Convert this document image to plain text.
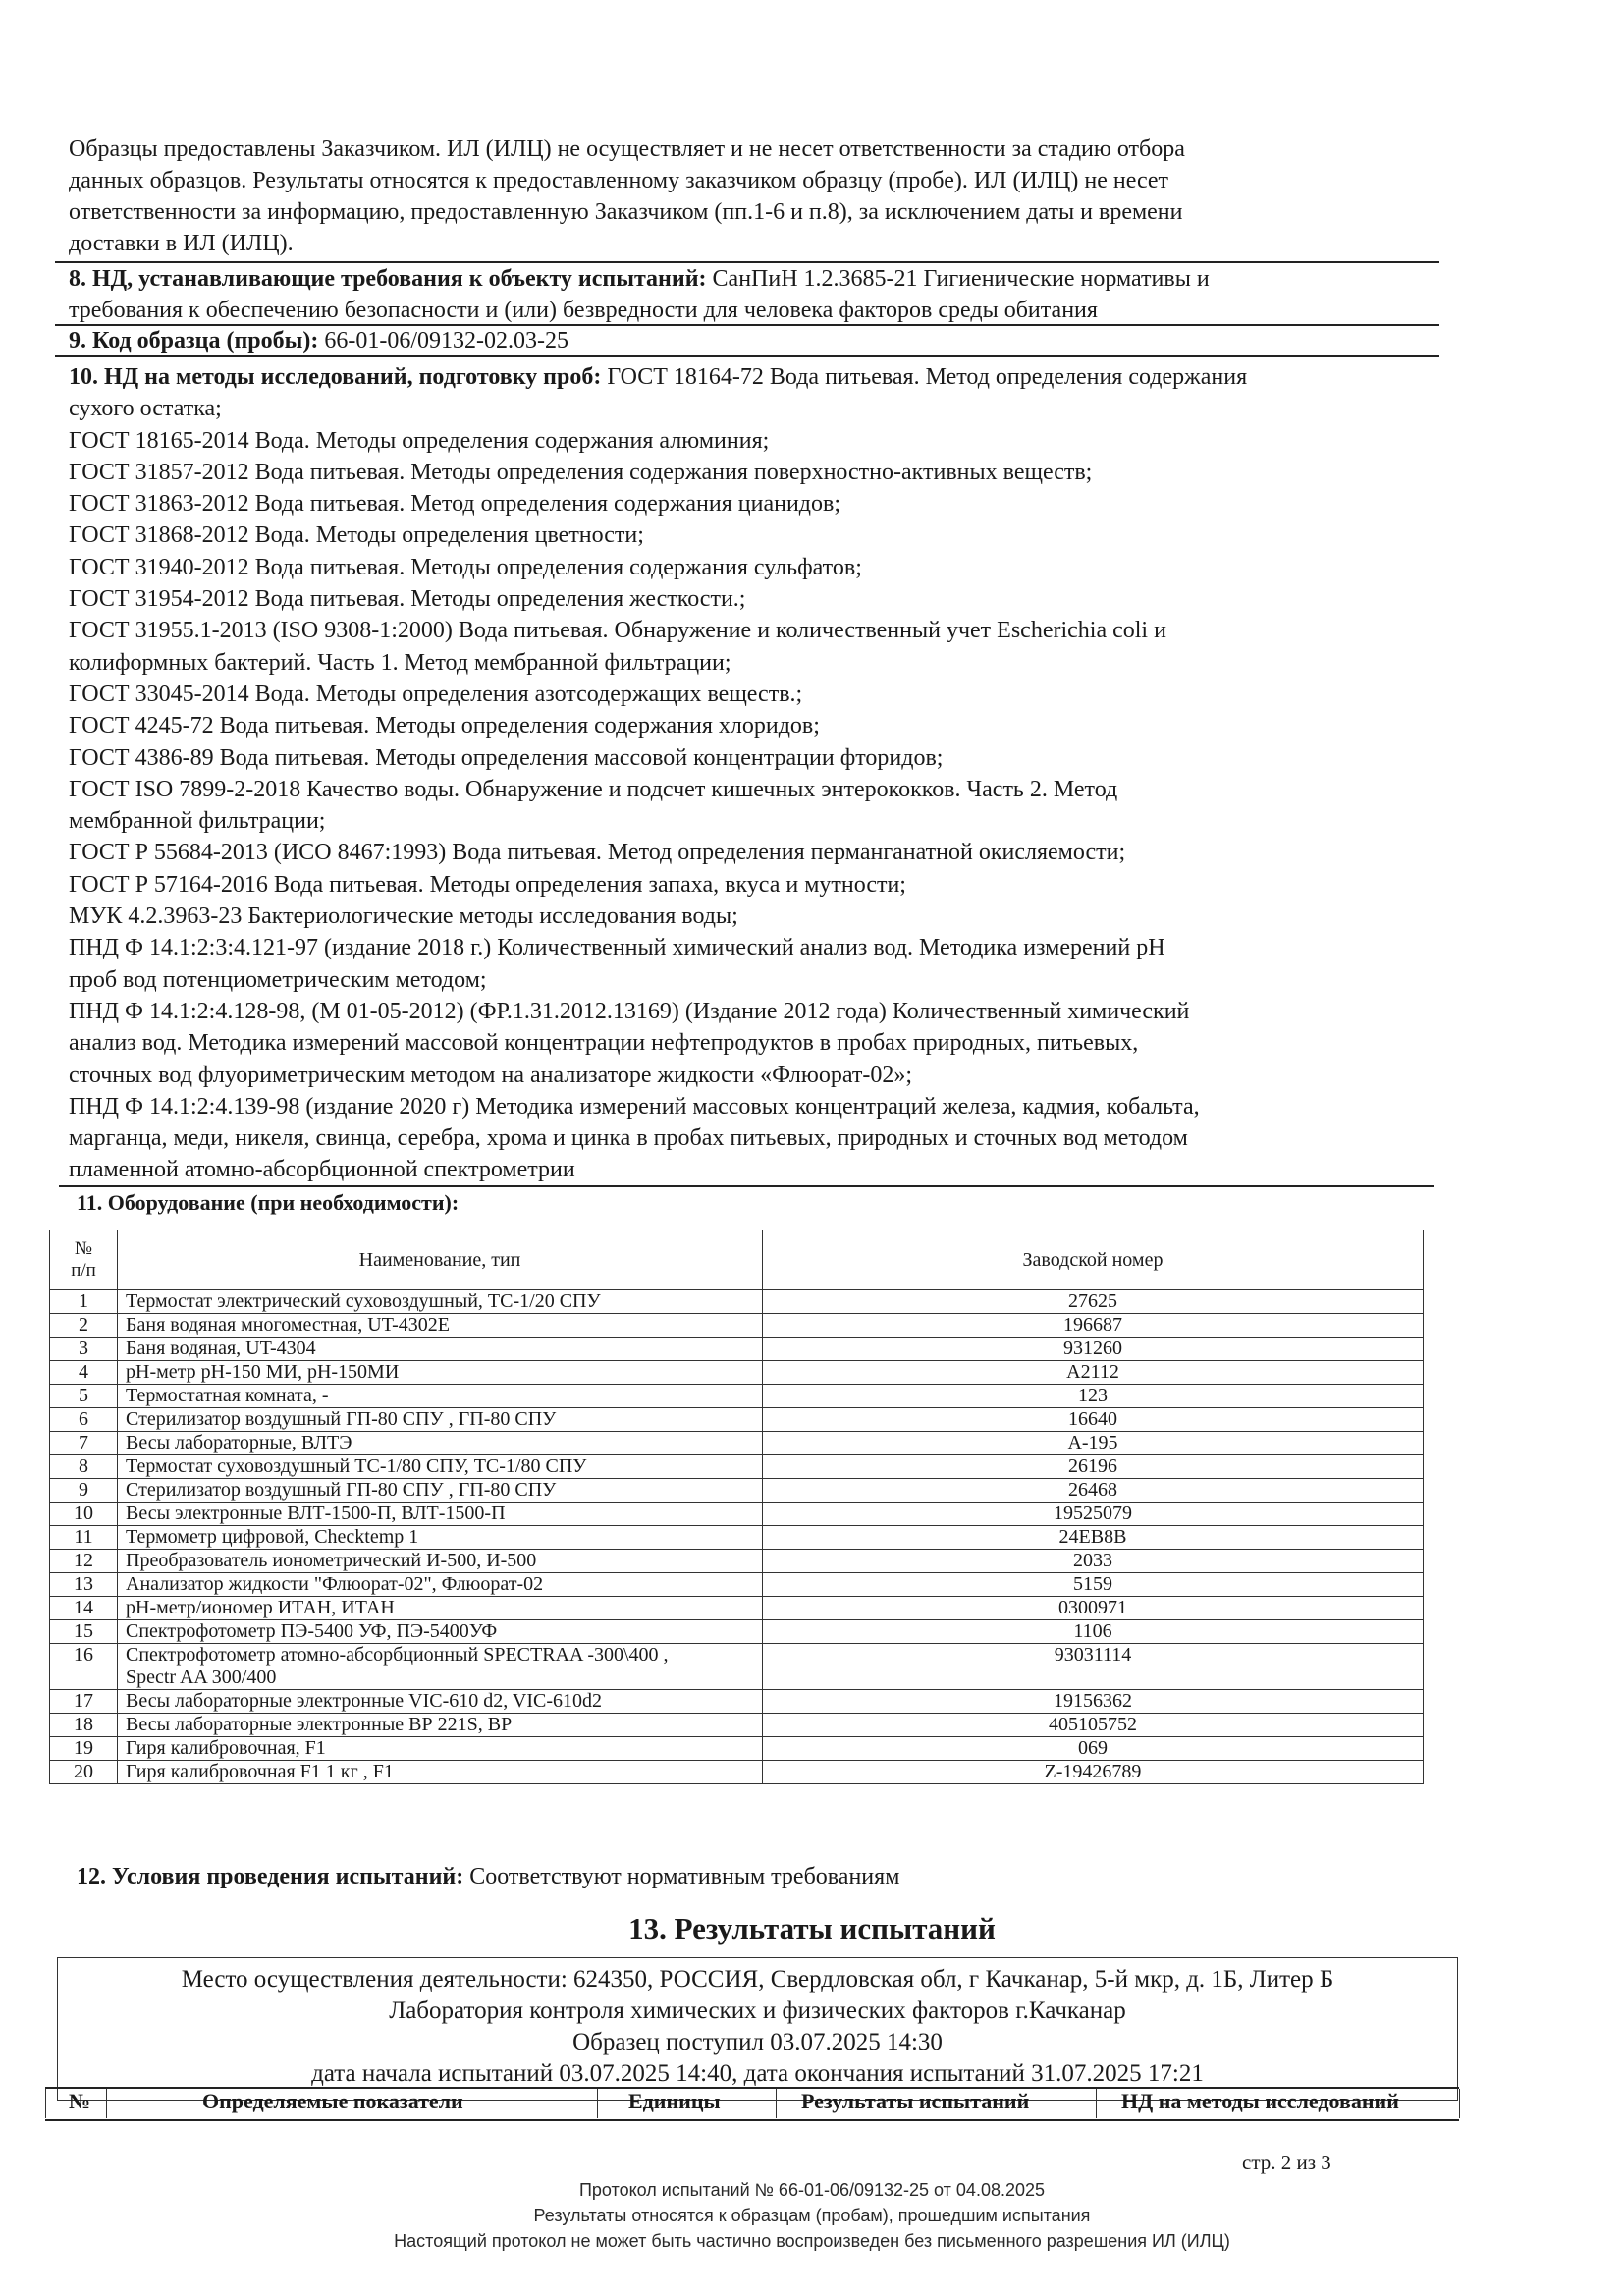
Образцы предоставлены Заказчиком. ИЛ (ИЛЦ) не осуществляет и не несет ответственности за стадию отбора
данных образцов. Результаты относятся к предоставленному заказчиком образцу (пробе). ИЛ (ИЛЦ) не несет
ответственности за информацию, предоставленную Заказчиком (пп.1-6 и п.8), за исключением даты и времени
доставки в ИЛ (ИЛЦ).
8. НД, устанавливающие требования к объекту испытаний: СанПиН 1.2.3685-21 Гигиенические нормативы и
требования к обеспечению безопасности и (или) безвредности для человека факторов среды обитания
9. Код образца (пробы): 66-01-06/09132-02.03-25
10. НД на методы исследований, подготовку проб: ГОСТ 18164-72 Вода питьевая. Метод определения содержания
сухого остатка;
ГОСТ 18165-2014 Вода. Методы определения содержания алюминия;
ГОСТ 31857-2012 Вода питьевая. Методы определения содержания поверхностно-активных веществ;
ГОСТ 31863-2012 Вода питьевая. Метод определения содержания цианидов;
ГОСТ 31868-2012 Вода. Методы определения цветности;
ГОСТ 31940-2012 Вода питьевая. Методы определения содержания сульфатов;
ГОСТ 31954-2012 Вода питьевая. Методы определения жесткости.;
ГОСТ 31955.1-2013 (ISO 9308-1:2000) Вода питьевая. Обнаружение и количественный учет Escherichia coli и
колиформных бактерий. Часть 1. Метод мембранной фильтрации;
ГОСТ 33045-2014 Вода. Методы определения азотсодержащих веществ.;
ГОСТ 4245-72 Вода питьевая. Методы определения содержания хлоридов;
ГОСТ 4386-89 Вода питьевая. Методы определения массовой концентрации фторидов;
ГОСТ ISO 7899-2-2018 Качество воды. Обнаружение и подсчет кишечных энтерококков. Часть 2. Метод
мембранной фильтрации;
ГОСТ Р 55684-2013 (ИСО 8467:1993) Вода питьевая. Метод определения перманганатной окисляемости;
ГОСТ Р 57164-2016 Вода питьевая. Методы определения запаха, вкуса и мутности;
МУК 4.2.3963-23 Бактериологические методы исследования воды;
ПНД Ф 14.1:2:3:4.121-97 (издание 2018 г.) Количественный химический анализ вод. Методика измерений pH
проб вод потенциометрическим методом;
ПНД Ф 14.1:2:4.128-98, (М 01-05-2012) (ФР.1.31.2012.13169) (Издание 2012 года) Количественный химический
анализ вод. Методика измерений массовой концентрации нефтепродуктов в пробах природных, питьевых,
сточных вод флуориметрическим методом на анализаторе жидкости «Флюорат-02»;
ПНД Ф 14.1:2:4.139-98 (издание 2020 г) Методика измерений массовых концентраций железа, кадмия, кобальта,
марганца, меди, никеля, свинца, серебра, хрома и цинка в пробах питьевых, природных и сточных вод методом
пламенной атомно-абсорбционной спектрометрии
11. Оборудование (при необходимости):
№
п/п	Наименование, тип	Заводской номер
1	Термостат электрический суховоздушный, ТС-1/20 СПУ	27625
2	Баня водяная многоместная, UT-4302E	196687
3	Баня водяная, UT-4304	931260
4	pH-метр pH-150 МИ, pH-150МИ	А2112
5	Термостатная комната, -	123
6	Стерилизатор воздушный ГП-80 СПУ , ГП-80 СПУ	16640
7	Весы лабораторные, ВЛТЭ	А-195
8	Термостат суховоздушный ТС-1/80 СПУ, ТС-1/80 СПУ	26196
9	Стерилизатор воздушный ГП-80 СПУ , ГП-80 СПУ	26468
10	Весы электронные ВЛТ-1500-П, ВЛТ-1500-П	19525079
11	Термометр цифровой, Checktemp 1	24EB8B
12	Преобразователь ионометрический И-500, И-500	2033
13	Анализатор жидкости "Флюорат-02", Флюорат-02	5159
14	pH-метр/иономер ИТАН, ИТАН	0300971
15	Спектрофотометр ПЭ-5400 УФ, ПЭ-5400УФ	1106
16	Спектрофотометр атомно-абсорбционный SPECTRAA -300\400 ,
Spectr AA 300/400	93031114
17	Весы лабораторные электронные VIC-610 d2, VIC-610d2	19156362
18	Весы лабораторные электронные ВР 221S, ВР	405105752
19	Гиря калибровочная, F1	069
20	Гиря калибровочная F1 1 кг , F1	Z-19426789
12. Условия проведения испытаний: Соответствуют нормативным требованиям
13. Результаты испытаний
Место осуществления деятельности: 624350, РОССИЯ, Свердловская обл, г Качканар, 5-й мкр, д. 1Б, Литер Б
Лаборатория контроля химических и физических факторов г.Качканар
Образец поступил 03.07.2025 14:30
дата начала испытаний 03.07.2025 14:40, дата окончания испытаний 31.07.2025 17:21
№	Определяемые показатели	Единицы	Результаты испытаний	НД на методы исследований
стр. 2 из 3
Протокол испытаний № 66-01-06/09132-25 от 04.08.2025
Результаты относятся к образцам (пробам), прошедшим испытания
Настоящий протокол не может быть частично воспроизведен без письменного разрешения ИЛ (ИЛЦ)
